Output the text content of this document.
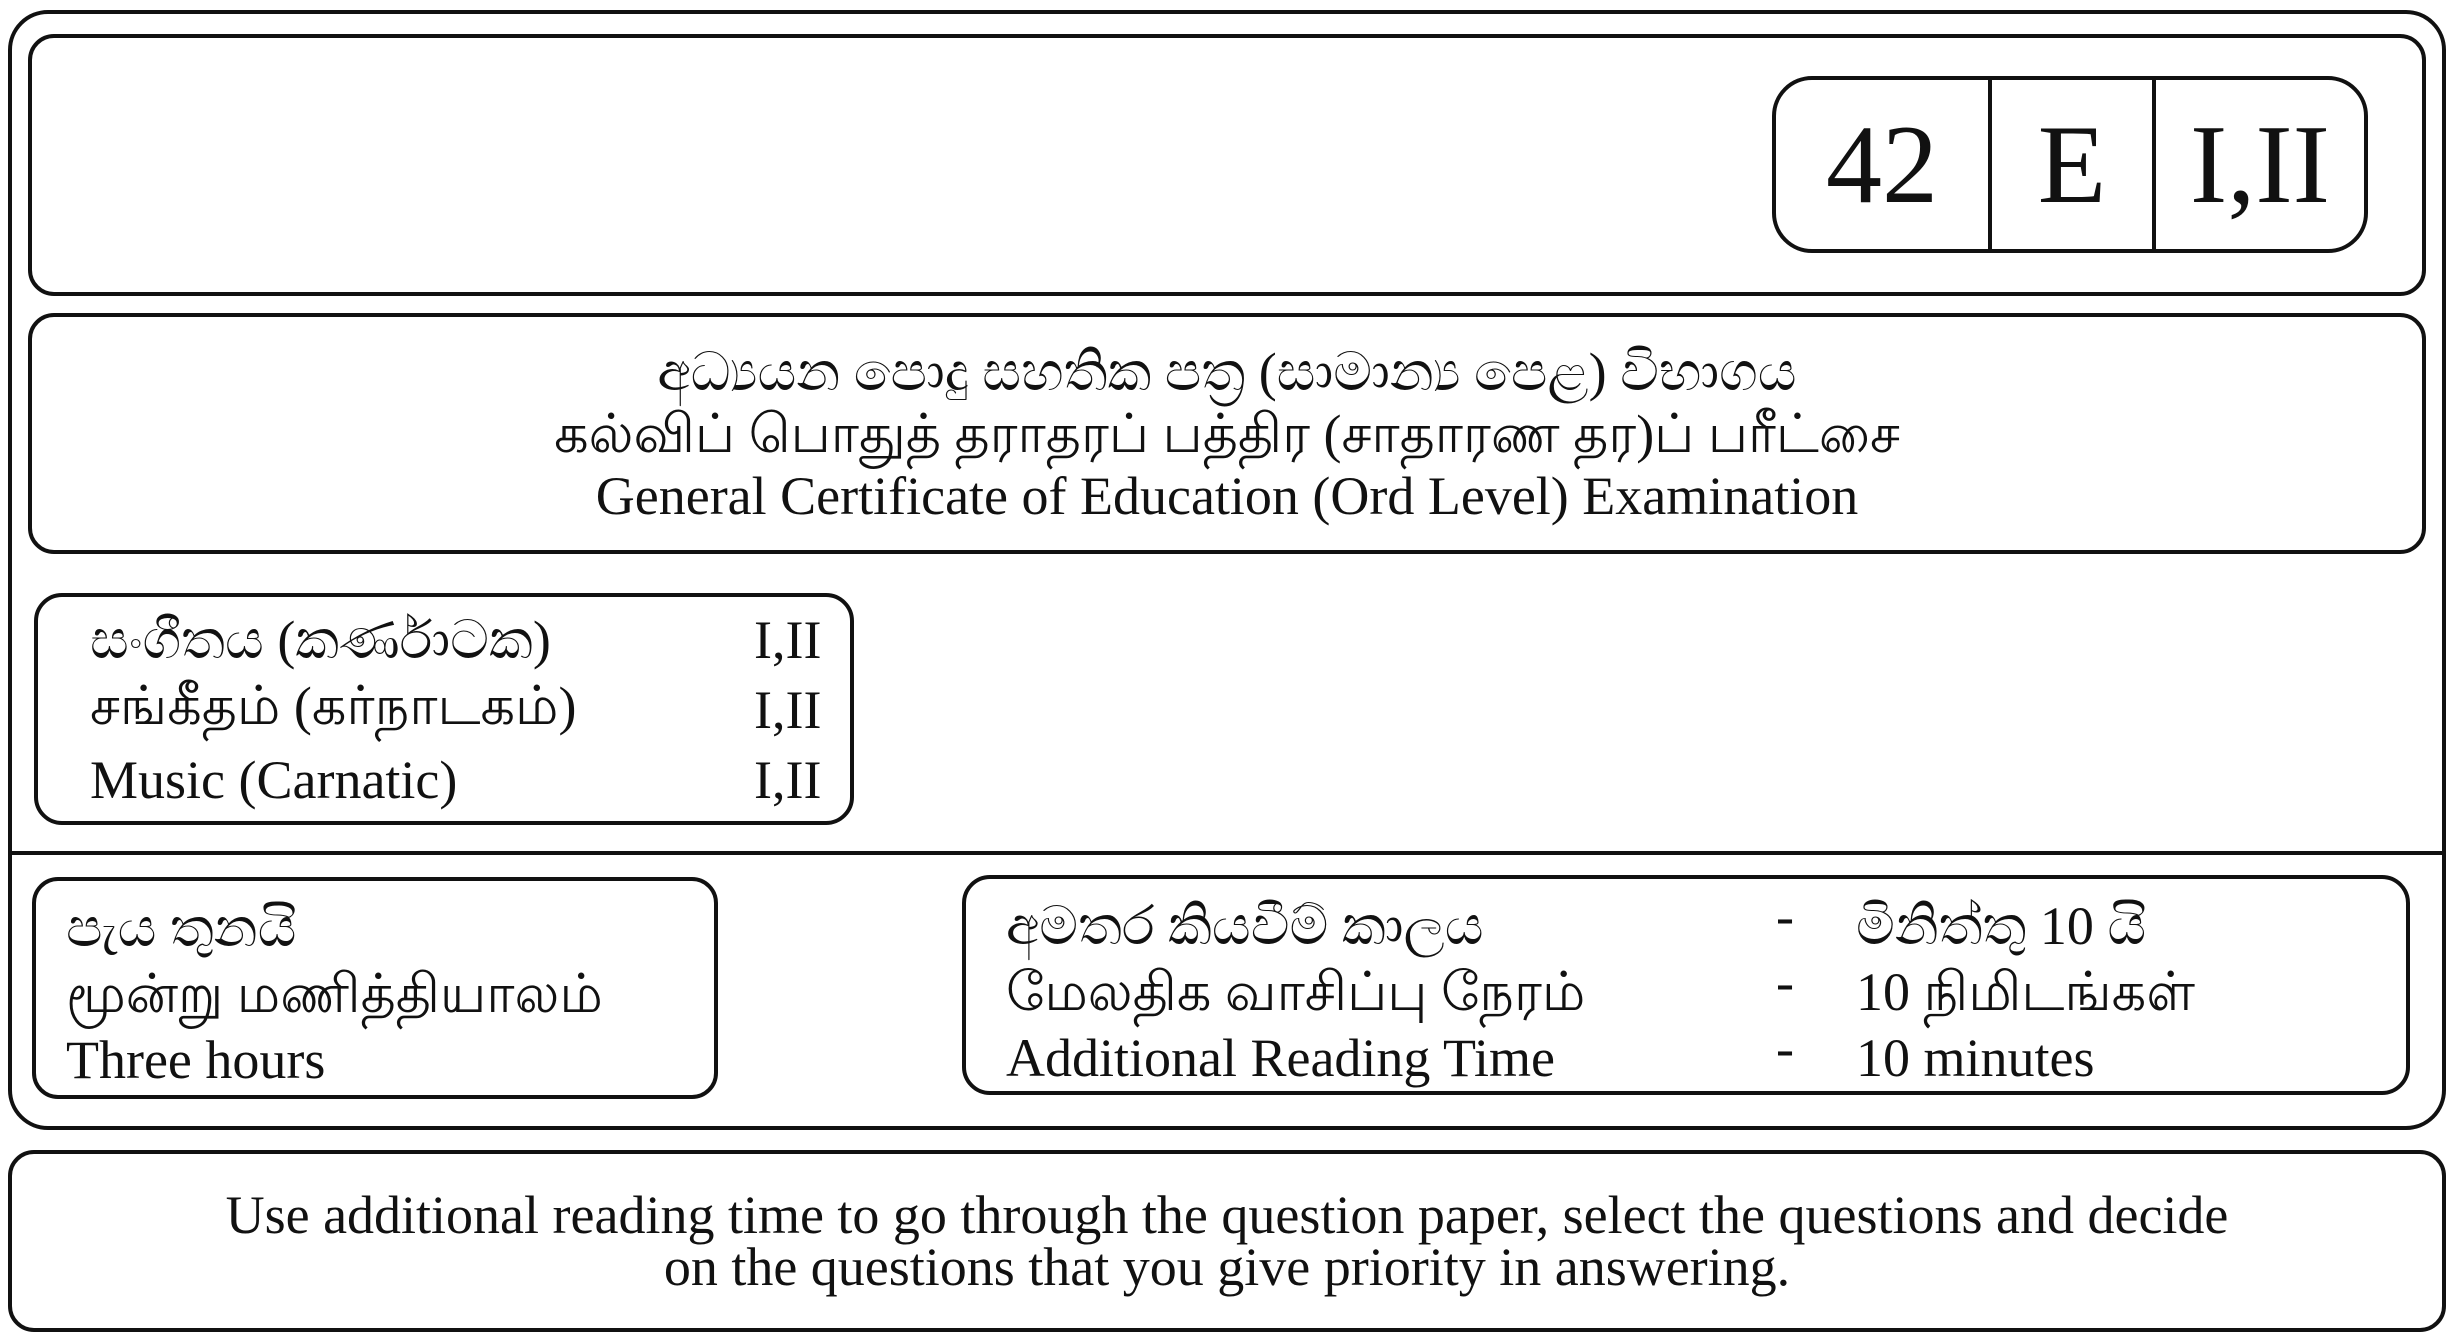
42 E I,II
අධ්‍යයන පොදු සහතික පත්‍ර (සාමාන්‍ය පෙළ) විභාගය
கல்விப் பொதுத் தராதரப் பத்திர (சாதாரண தர)ப் பரீட்சை
General Certificate of Education (Ord Level) Examination
සංගීතය (කර්ණාටක)	I,II
சங்கீதம் (கர்நாடகம்)	I,II
Music (Carnatic)	I,II
පැය තුනයි
மூன்று மணித்தியாலம்
Three hours
අමතර කියවීම් කාලය	- මිනිත්තු 10 යි
மேலதிக வாசிப்பு நேரம்	- 10 நிமிடங்கள்
Additional Reading Time	- 10 minutes
Use additional reading time to go through the question paper, select the questions and decide
on the questions that you give priority in answering.
